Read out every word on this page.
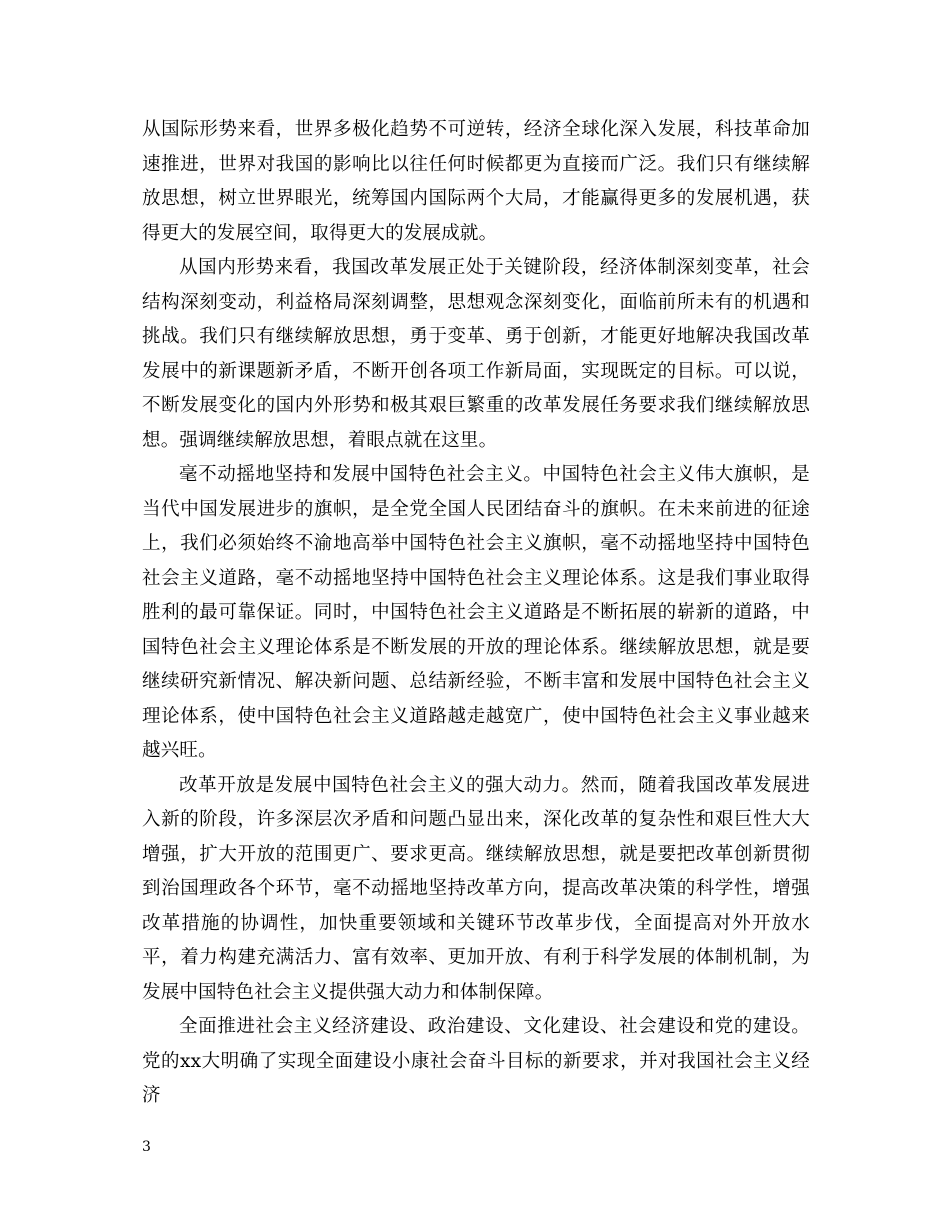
从国际形势来看，世界多极化趋势不可逆转，经济全球化深入发展，科技革命加速推进，世界对我国的影响比以往任何时候都更为直接而广泛。我们只有继续解放思想，树立世界眼光，统筹国内国际两个大局，才能赢得更多的发展机遇，获得更大的发展空间，取得更大的发展成就。

从国内形势来看，我国改革发展正处于关键阶段，经济体制深刻变革，社会结构深刻变动，利益格局深刻调整，思想观念深刻变化，面临前所未有的机遇和挑战。我们只有继续解放思想，勇于变革、勇于创新，才能更好地解决我国改革发展中的新课题新矛盾，不断开创各项工作新局面，实现既定的目标。可以说，不断发展变化的国内外形势和极其艰巨繁重的改革发展任务要求我们继续解放思想。强调继续解放思想，着眼点就在这里。

毫不动摇地坚持和发展中国特色社会主义。中国特色社会主义伟大旗帜，是当代中国发展进步的旗帜，是全党全国人民团结奋斗的旗帜。在未来前进的征途上，我们必须始终不渝地高举中国特色社会主义旗帜，毫不动摇地坚持中国特色社会主义道路，毫不动摇地坚持中国特色社会主义理论体系。这是我们事业取得胜利的最可靠保证。同时，中国特色社会主义道路是不断拓展的崭新的道路，中国特色社会主义理论体系是不断发展的开放的理论体系。继续解放思想，就是要继续研究新情况、解决新问题、总结新经验，不断丰富和发展中国特色社会主义理论体系，使中国特色社会主义道路越走越宽广，使中国特色社会主义事业越来越兴旺。

改革开放是发展中国特色社会主义的强大动力。然而，随着我国改革发展进入新的阶段，许多深层次矛盾和问题凸显出来，深化改革的复杂性和艰巨性大大增强，扩大开放的范围更广、要求更高。继续解放思想，就是要把改革创新贯彻到治国理政各个环节，毫不动摇地坚持改革方向，提高改革决策的科学性，增强改革措施的协调性，加快重要领域和关键环节改革步伐，全面提高对外开放水平，着力构建充满活力、富有效率、更加开放、有利于科学发展的体制机制，为发展中国特色社会主义提供强大动力和体制保障。

全面推进社会主义经济建设、政治建设、文化建设、社会建设和党的建设。党的xx大明确了实现全面建设小康社会奋斗目标的新要求，并对我国社会主义经济

3
